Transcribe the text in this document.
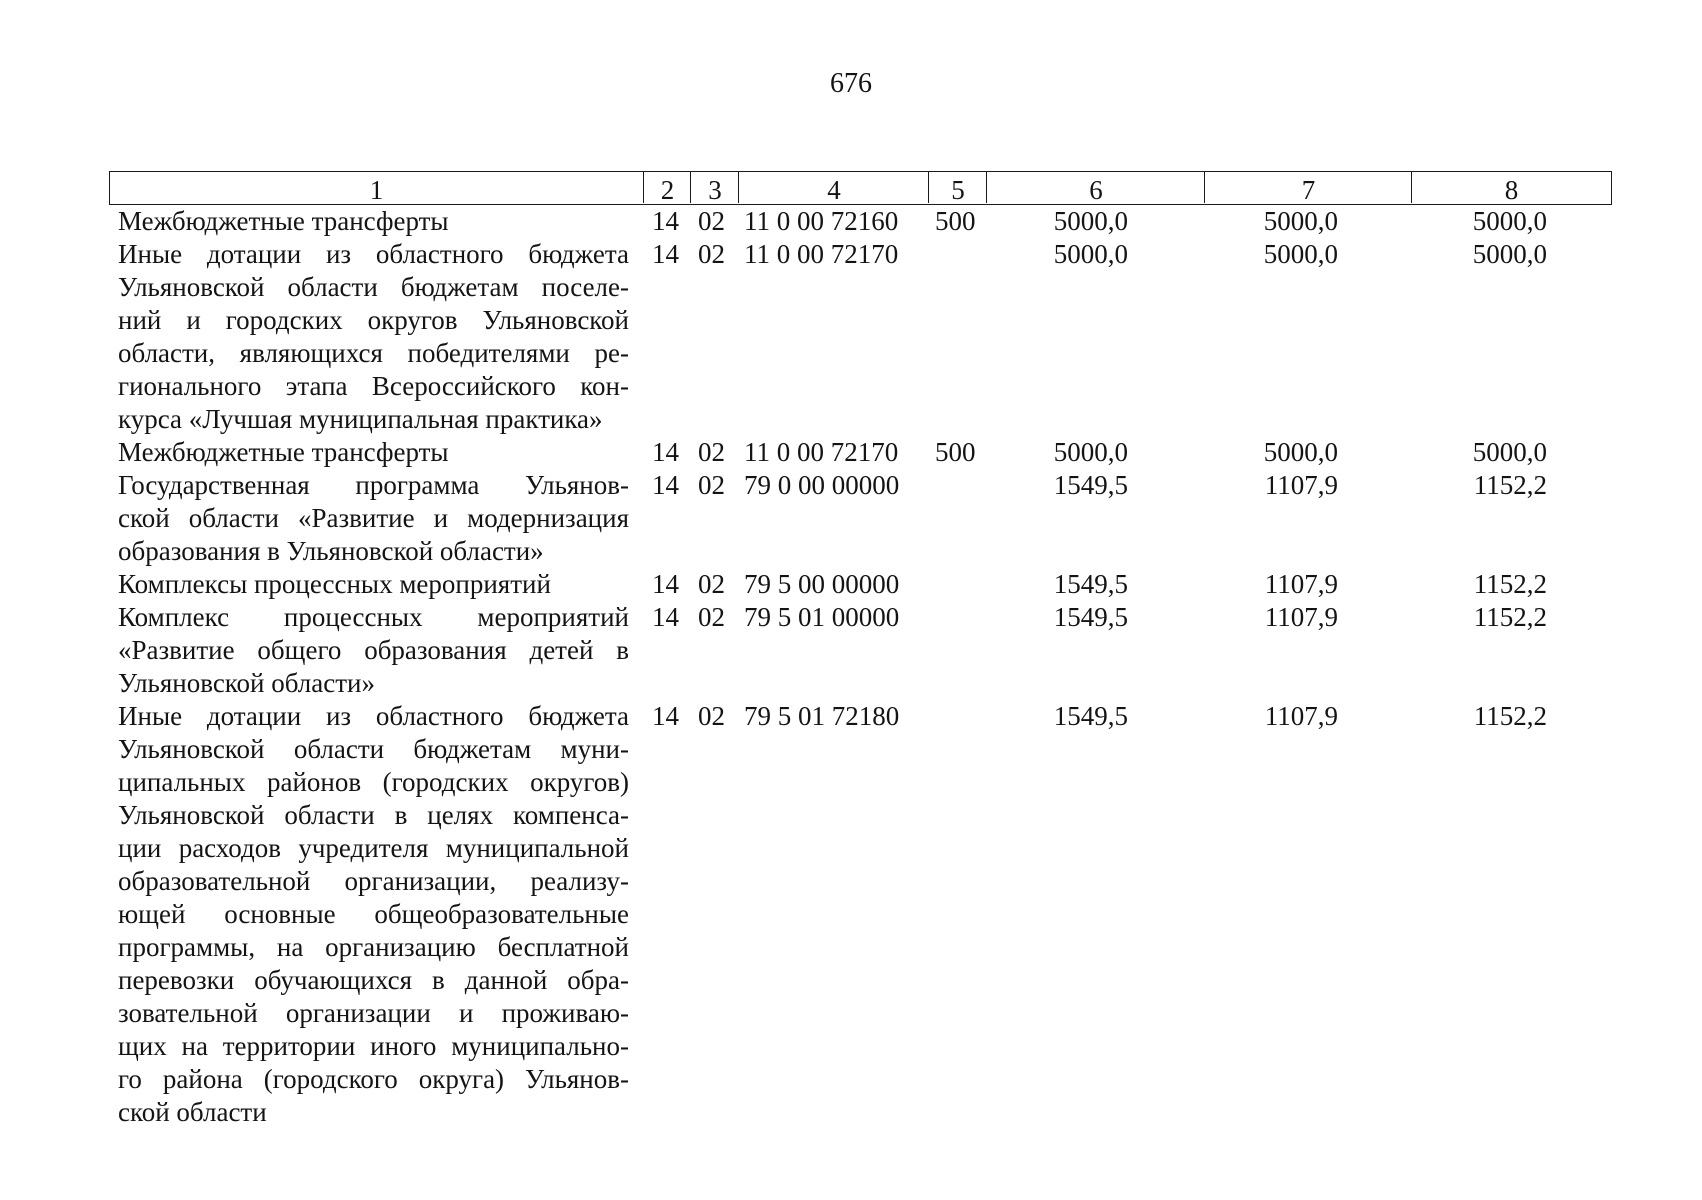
676
1	2	3	4	5	6	7	8
Межбюджетные трансферты	14 02 11 0 00 72160 500	5000,0	5000,0	5000,0
Иные дотации из областного бюджета
Ульяновской области бюджетам поселе-
ний и городских округов Ульяновской
области, являющихся победителями ре-
гионального этапа Всероссийского кон-
курса «Лучшая муниципальная практика»
14 02 11 0 00 72170	5000,0	5000,0	5000,0
Межбюджетные трансферты	14 02 11 0 00 72170 500	5000,0	5000,0	5000,0
Государственная программа Ульянов-
ской области «Развитие и модернизация
образования в Ульяновской области»
14 02 79 0 00 00000	1549,5	1107,9	1152,2
Комплексы процессных мероприятий	14 02 79 5 00 00000	1549,5	1107,9	1152,2
Комплекс процессных мероприятий
«Развитие общего образования детей в
Ульяновской области»
14 02 79 5 01 00000	1549,5	1107,9	1152,2
Иные дотации из областного бюджета
Ульяновской области бюджетам муни-
ципальных районов (городских округов)
Ульяновской области в целях компенса-
ции расходов учредителя муниципальной
образовательной организации, реализу-
ющей основные общеобразовательные
программы, на организацию бесплатной
перевозки обучающихся в данной обра-
зовательной организации и проживаю-
щих на территории иного муниципально-
го района (городского округа) Ульянов-
ской области
14 02 79 5 01 72180	1549,5	1107,9	1152,2
